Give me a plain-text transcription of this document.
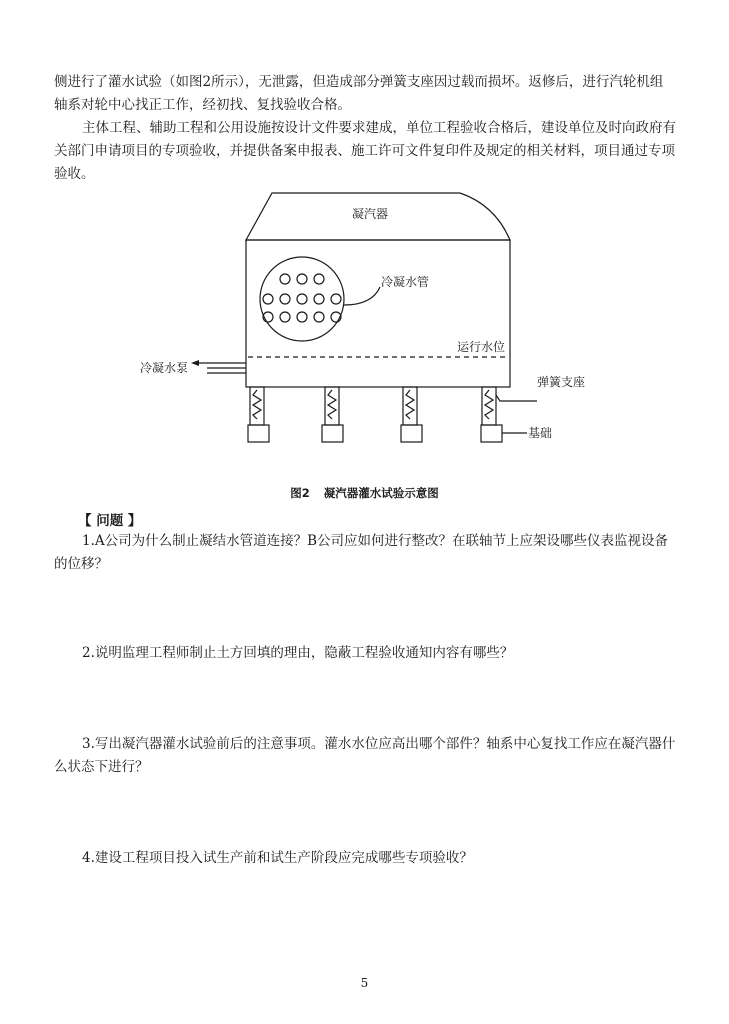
侧进行了灌水试验（如图2所示），无泄露，但造成部分弹簧支座因过载而损坏。返修后，进行汽轮机组轴系对轮中心找正工作，经初找、复找验收合格。

主体工程、辅助工程和公用设施按设计文件要求建成，单位工程验收合格后，建设单位及时向政府有关部门申请项目的专项验收，并提供备案申报表、施工许可文件复印件及规定的相关材料，项目通过专项验收。

凝汽器
冷凝水管
运行水位
冷凝水泵
弹簧支座
基础
图2 凝汽器灌水试验示意图
【 问题 】

1.A公司为什么制止凝结水管道连接？B公司应如何进行整改？在联轴节上应架设哪些仪表监视设备的位移？

2.说明监理工程师制止土方回填的理由，隐蔽工程验收通知内容有哪些？

3.写出凝汽器灌水试验前后的注意事项。灌水水位应高出哪个部件？轴系中心复找工作应在凝汽器什么状态下进行？

4.建设工程项目投入试生产前和试生产阶段应完成哪些专项验收？

5
